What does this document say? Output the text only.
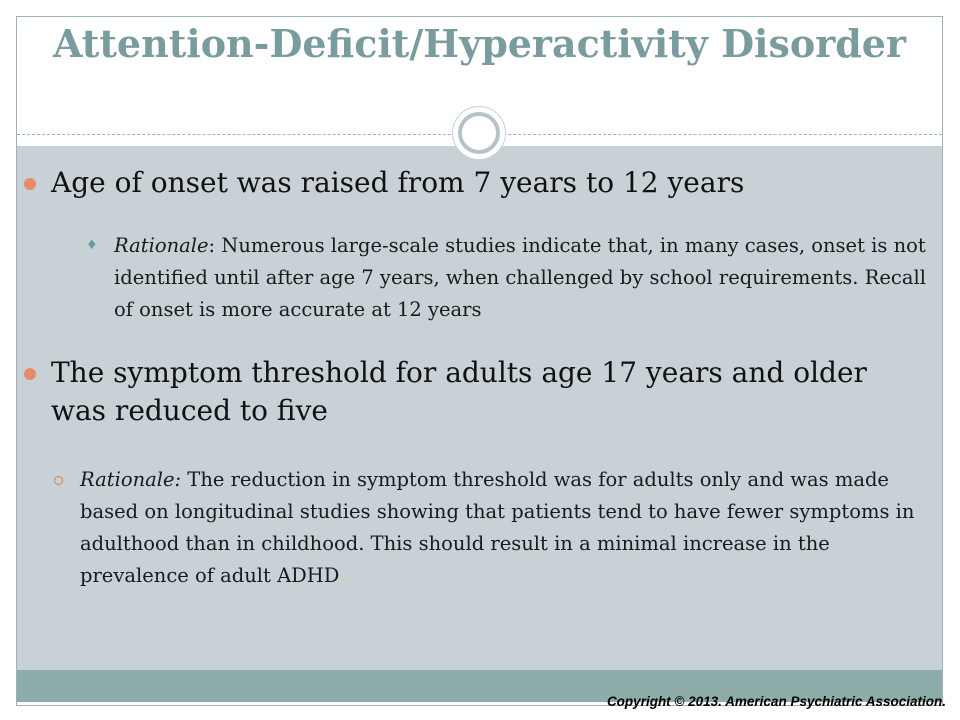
Attention-Deficit/Hyperactivity Disorder
Age of onset was raised from 7 years to 12 years
♦ Rationale: Numerous large-scale studies indicate that, in many cases, onset is not identified until after age 7 years, when challenged by school requirements. Recall of onset is more accurate at 12 years
The symptom threshold for adults age 17 years and older was reduced to five
Rationale: The reduction in symptom threshold was for adults only and was made based on longitudinal studies showing that patients tend to have fewer symptoms in adulthood than in childhood. This should result in a minimal increase in the prevalence of adult ADHD.
Copyright © 2013. American Psychiatric Association.
